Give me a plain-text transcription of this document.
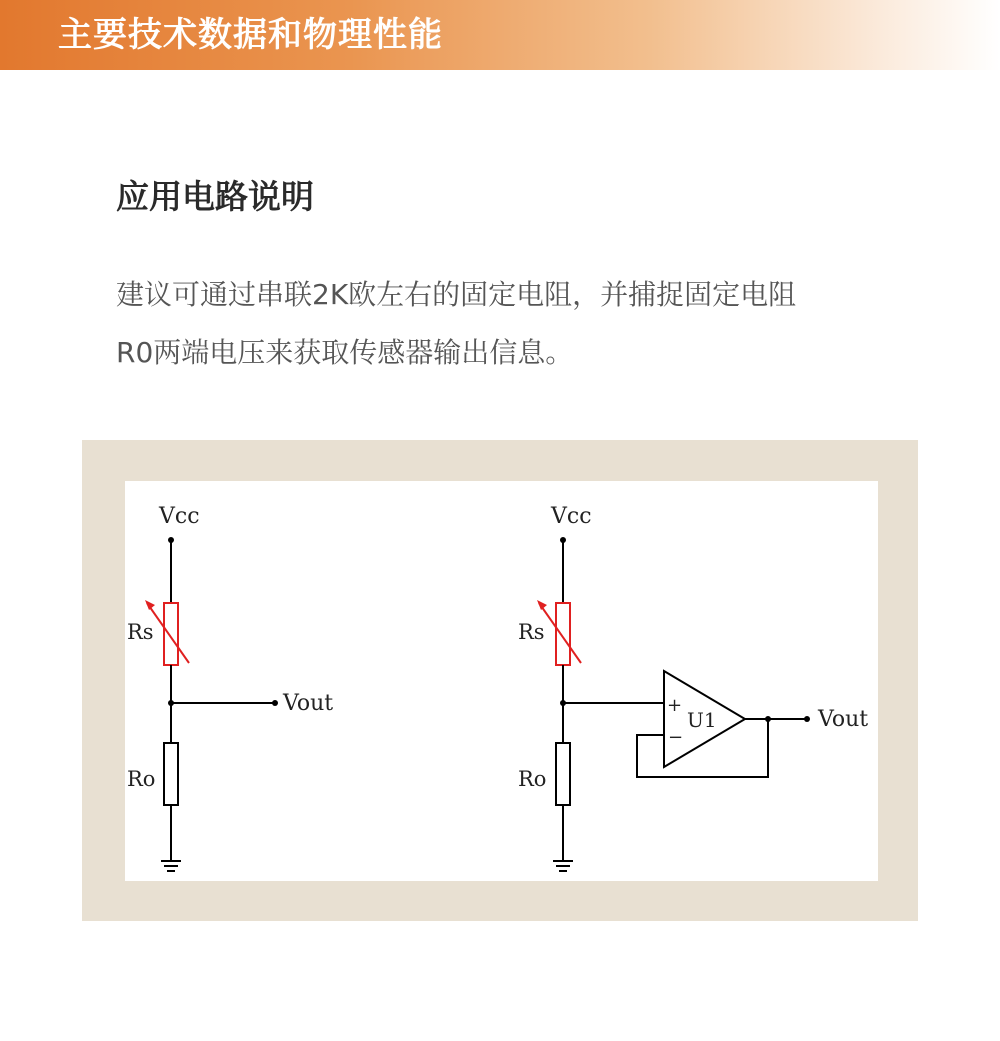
主要技术数据和物理性能
应用电路说明
建议可通过串联2K欧左右的固定电阻，并捕捉固定电阻
R0两端电压来获取传感器输出信息。
Vcc
Rs
Vout
Ro
Vcc
Rs
+
−
U1	Vout
Ro
